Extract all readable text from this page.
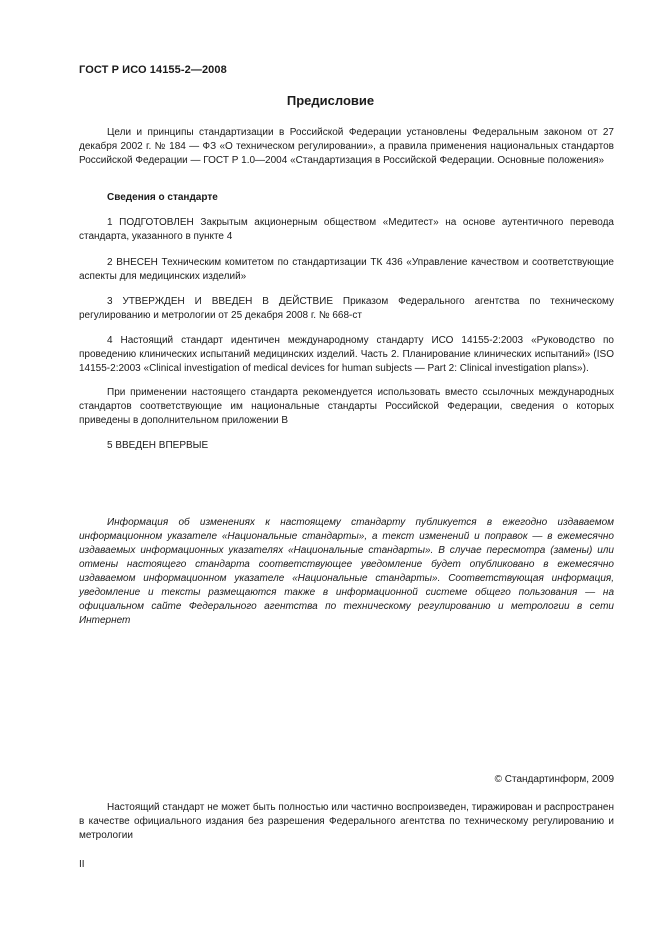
ГОСТ Р ИСО 14155-2—2008
Предисловие
Цели и принципы стандартизации в Российской Федерации установлены Федеральным законом от 27 декабря 2002 г. № 184 — ФЗ «О техническом регулировании», а правила применения национальных стандартов Российской Федерации — ГОСТ Р 1.0—2004 «Стандартизация в Российской Федерации. Основные положения»
Сведения о стандарте
1 ПОДГОТОВЛЕН Закрытым акционерным обществом «Медитест» на основе аутентичного перевода стандарта, указанного в пункте 4
2 ВНЕСЕН Техническим комитетом по стандартизации ТК 436 «Управление качеством и соответствующие аспекты для медицинских изделий»
3 УТВЕРЖДЕН И ВВЕДЕН В ДЕЙСТВИЕ Приказом Федерального агентства по техническому регулированию и метрологии от 25 декабря 2008 г. № 668-ст
4 Настоящий стандарт идентичен международному стандарту ИСО 14155-2:2003 «Руководство по проведению клинических испытаний медицинских изделий. Часть 2. Планирование клинических испытаний» (ISO 14155-2:2003 «Clinical investigation of medical devices for human subjects — Part 2: Clinical investigation plans»).
При применении настоящего стандарта рекомендуется использовать вместо ссылочных международных стандартов соответствующие им национальные стандарты Российской Федерации, сведения о которых приведены в дополнительном приложении В
5 ВВЕДЕН ВПЕРВЫЕ
Информация об изменениях к настоящему стандарту публикуется в ежегодно издаваемом информационном указателе «Национальные стандарты», а текст изменений и поправок — в ежемесячно издаваемых информационных указателях «Национальные стандарты». В случае пересмотра (замены) или отмены настоящего стандарта соответствующее уведомление будет опубликовано в ежемесячно издаваемом информационном указателе «Национальные стандарты». Соответствующая информация, уведомление и тексты размещаются также в информационной системе общего пользования — на официальном сайте Федерального агентства по техническому регулированию и метрологии в сети Интернет
© Стандартинформ, 2009
Настоящий стандарт не может быть полностью или частично воспроизведен, тиражирован и распространен в качестве официального издания без разрешения Федерального агентства по техническому регулированию и метрологии
II
